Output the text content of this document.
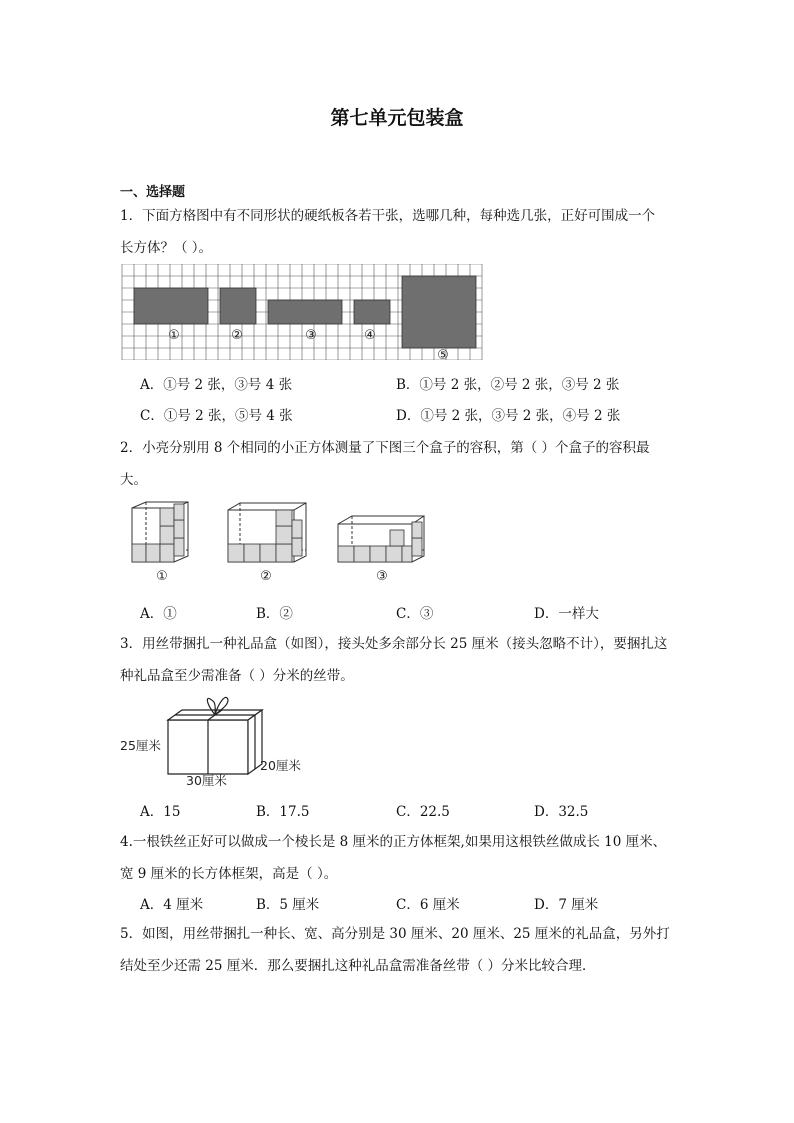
第七单元包装盒
一、选择题
1．下面方格图中有不同形状的硬纸板各若干张，选哪几种，每种选几张，正好可围成一个
长方体？（ ）。
①	②	③	④
⑤
A．①号 2 张，③号 4 张	B．①号 2 张，②号 2 张，③号 2 张
C．①号 2 张，⑤号 4 张	D．①号 2 张，③号 2 张，④号 2 张
2．小亮分别用 8 个相同的小正方体测量了下图三个盒子的容积，第（ ）个盒子的容积最
大。
①	②	③
A．①	B．②	C．③	D．一样大
3．用丝带捆扎一种礼品盒（如图），接头处多余部分长 25 厘米（接头忽略不计），要捆扎这
种礼品盒至少需准备（ ）分米的丝带。
25厘米
30厘米
20厘米
A．15	B．17.5	C．22.5	D．32.5
4.一根铁丝正好可以做成一个棱长是 8 厘米的正方体框架,如果用这根铁丝做成长 10 厘米、
宽 9 厘米的长方体框架，高是（ ）。
A．4 厘米	B．5 厘米	C．6 厘米	D．7 厘米
5．如图，用丝带捆扎一种长、宽、高分别是 30 厘米、20 厘米、25 厘米的礼品盒，另外打
结处至少还需 25 厘米．那么要捆扎这种礼品盒需准备丝带（ ）分米比较合理．
